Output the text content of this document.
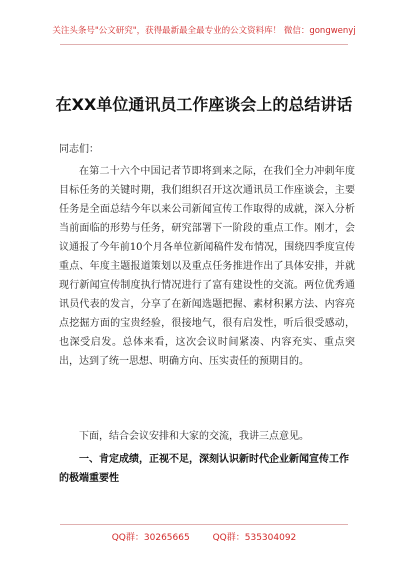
关注头条号"公文研究"，获得最新最全最专业的公文资料库！ 微信：gongwenyj
在XX单位通讯员工作座谈会上的总结讲话
同志们：
在第二十六个中国记者节即将到来之际，在我们全力冲刺年度目标任务的关键时期，我们组织召开这次通讯员工作座谈会，主要任务是全面总结今年以来公司新闻宣传工作取得的成就，深入分析当前面临的形势与任务，研究部署下一阶段的重点工作。刚才，会议通报了今年前10个月各单位新闻稿件发布情况，围绕四季度宣传重点、年度主题报道策划以及重点任务推进作出了具体安排，并就现行新闻宣传制度执行情况进行了富有建设性的交流。两位优秀通讯员代表的发言，分享了在新闻选题把握、素材积累方法、内容亮点挖掘方面的宝贵经验，很接地气，很有启发性，听后很受感动，也深受启发。总体来看，这次会议时间紧凑、内容充实、重点突出，达到了统一思想、明确方向、压实责任的预期目的。
下面，结合会议安排和大家的交流，我讲三点意见。
一、肯定成绩，正视不足，深刻认识新时代企业新闻宣传工作的极端重要性
QQ群：30265665	QQ群：535304092
